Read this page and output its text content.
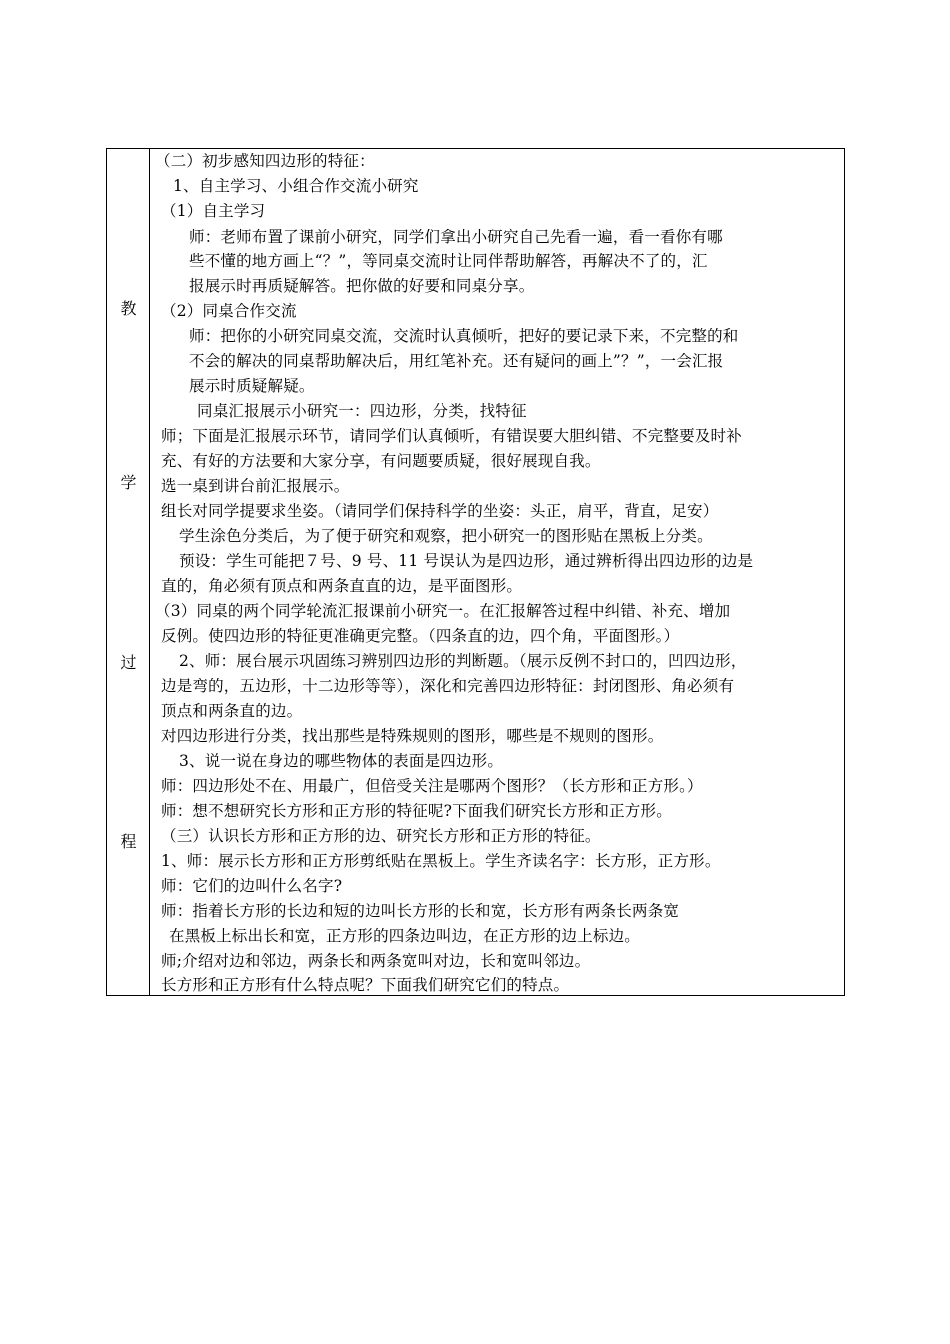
教
学
过
程
（二）初步感知四边形的特征：
1、自主学习、小组合作交流小研究
（1）自主学习
师：老师布置了课前小研究，同学们拿出小研究自己先看一遍，看一看你有哪
些不懂的地方画上“？”，等同桌交流时让同伴帮助解答，再解决不了的，汇
报展示时再质疑解答。把你做的好要和同桌分享。
（2）同桌合作交流
师：把你的小研究同桌交流，交流时认真倾听，把好的要记录下来，不完整的和
不会的解决的同桌帮助解决后，用红笔补充。还有疑问的画上”？”，一会汇报
展示时质疑解疑。
同桌汇报展示小研究一：四边形，分类，找特征
师；下面是汇报展示环节，请同学们认真倾听，有错误要大胆纠错、不完整要及时补
充、有好的方法要和大家分享，有问题要质疑，很好展现自我。
选一桌到讲台前汇报展示。
组长对同学提要求坐姿。（请同学们保持科学的坐姿：头正，肩平，背直，足安）
学生涂色分类后，为了便于研究和观察，把小研究一的图形贴在黑板上分类。
预设：学生可能把７号、9 号、11 号误认为是四边形，通过辨析得出四边形的边是
直的，角必须有顶点和两条直直的边，是平面图形。
（3）同桌的两个同学轮流汇报课前小研究一。在汇报解答过程中纠错、补充、增加
反例。使四边形的特征更准确更完整。（四条直的边，四个角，平面图形。）
2、师：展台展示巩固练习辨别四边形的判断题。（展示反例不封口的，凹四边形，
边是弯的，五边形，十二边形等等），深化和完善四边形特征：封闭图形、角必须有
顶点和两条直的边。
对四边形进行分类，找出那些是特殊规则的图形，哪些是不规则的图形。
3、说一说在身边的哪些物体的表面是四边形。
师：四边形处不在、用最广，但倍受关注是哪两个图形？（长方形和正方形。）
师：想不想研究长方形和正方形的特征呢?下面我们研究长方形和正方形。
（三）认识长方形和正方形的边、研究长方形和正方形的特征。
1、师：展示长方形和正方形剪纸贴在黑板上。学生齐读名字：长方形，正方形。
师：它们的边叫什么名字?
师：指着长方形的长边和短的边叫长方形的长和宽，长方形有两条长两条宽
在黑板上标出长和宽，正方形的四条边叫边，在正方形的边上标边。
师;介绍对边和邻边，两条长和两条宽叫对边，长和宽叫邻边。
长方形和正方形有什么特点呢？下面我们研究它们的特点。
